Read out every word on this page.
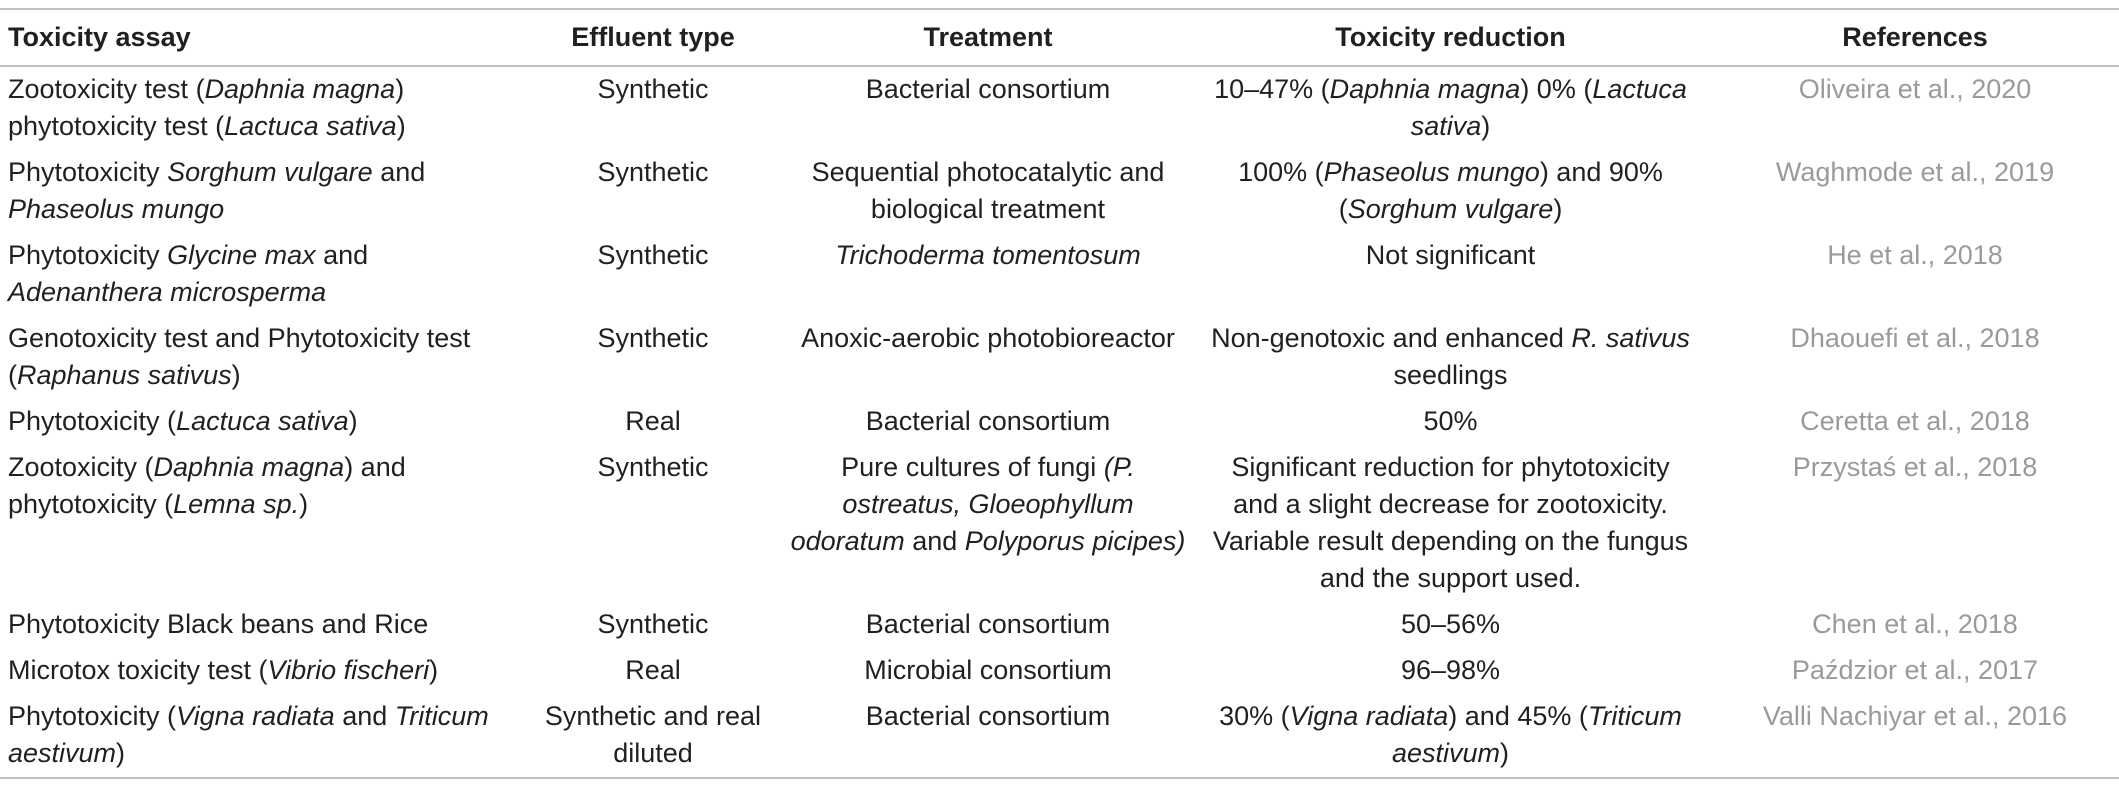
Toxicity assay	Effluent type	Treatment	Toxicity reduction	References
Zootoxicity test (Daphnia magna) phytotoxicity test (Lactuca sativa)	Synthetic	Bacterial consortium	10–47% (Daphnia magna) 0% (Lactuca sativa)	Oliveira et al., 2020
Phytotoxicity Sorghum vulgare and Phaseolus mungo	Synthetic	Sequential photocatalytic and biological treatment	100% (Phaseolus mungo) and 90% (Sorghum vulgare)	Waghmode et al., 2019
Phytotoxicity Glycine max and Adenanthera microsperma	Synthetic	Trichoderma tomentosum	Not significant	He et al., 2018
Genotoxicity test and Phytotoxicity test (Raphanus sativus)	Synthetic	Anoxic-aerobic photobioreactor	Non-genotoxic and enhanced R. sativus seedlings	Dhaouefi et al., 2018
Phytotoxicity (Lactuca sativa)	Real	Bacterial consortium	50%	Ceretta et al., 2018
Zootoxicity (Daphnia magna) and phytotoxicity (Lemna sp.)	Synthetic	Pure cultures of fungi (P. ostreatus, Gloeophyllum odoratum and Polyporus picipes)	Significant reduction for phytotoxicity and a slight decrease for zootoxicity. Variable result depending on the fungus and the support used.	Przystaś et al., 2018
Phytotoxicity Black beans and Rice	Synthetic	Bacterial consortium	50–56%	Chen et al., 2018
Microtox toxicity test (Vibrio fischeri)	Real	Microbial consortium	96–98%	Paździor et al., 2017
Phytotoxicity (Vigna radiata and Triticum aestivum)	Synthetic and real diluted	Bacterial consortium	30% (Vigna radiata) and 45% (Triticum aestivum)	Valli Nachiyar et al., 2016
